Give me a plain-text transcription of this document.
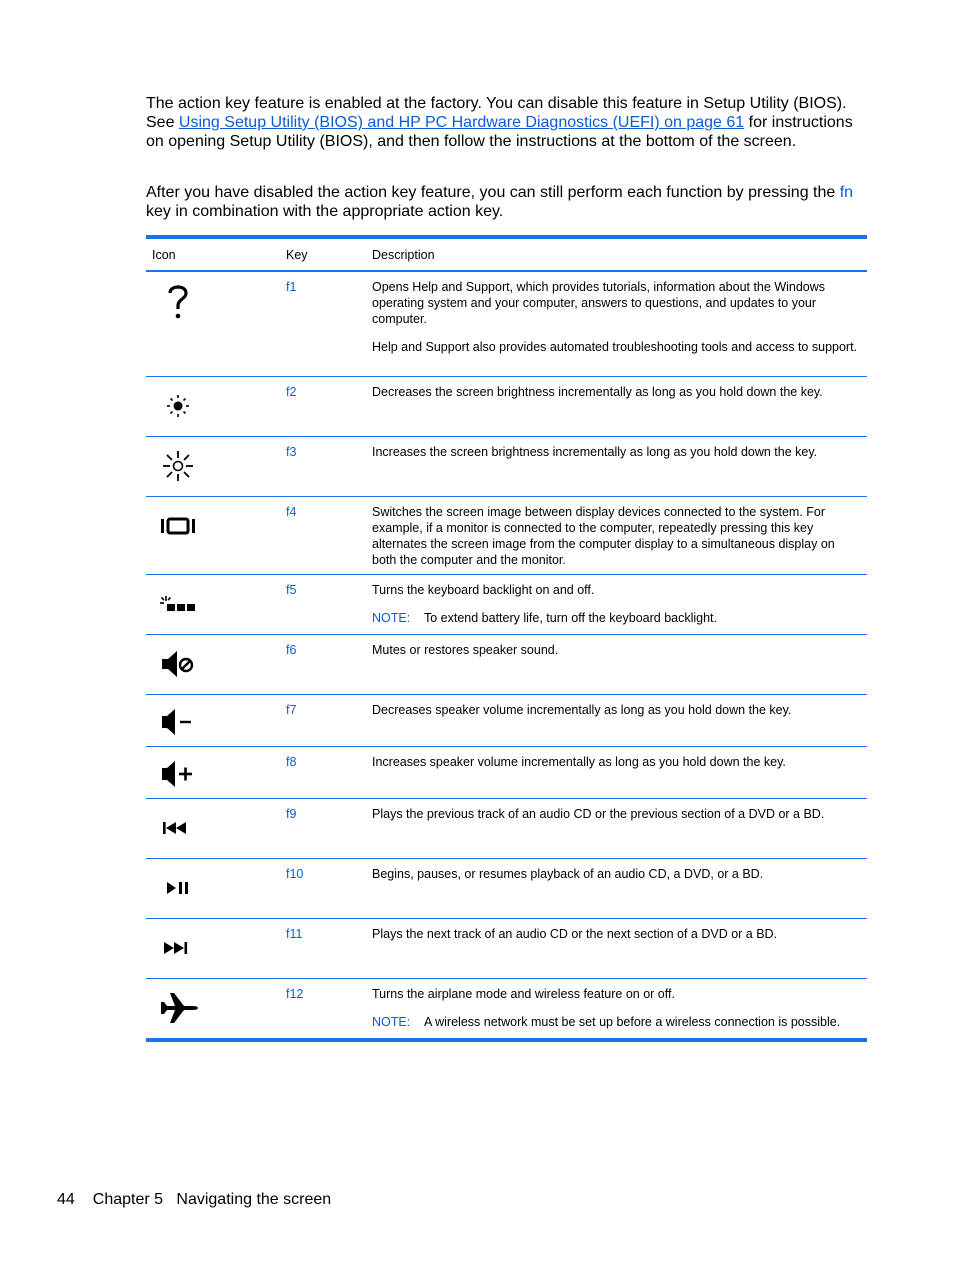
The action key feature is enabled at the factory. You can disable this feature in Setup Utility (BIOS). See Using Setup Utility (BIOS) and HP PC Hardware Diagnostics (UEFI) on page 61 for instructions on opening Setup Utility (BIOS), and then follow the instructions at the bottom of the screen.

After you have disabled the action key feature, you can still perform each function by pressing the fn key in combination with the appropriate action key.

Icon	Key	Description

	f1	Opens Help and Support, which provides tutorials, information about the Windows operating system and your computer, answers to questions, and updates to your computer.

Help and Support also provides automated troubleshooting tools and access to support.

	f2	Decreases the screen brightness incrementally as long as you hold down the key.

	f3	Increases the screen brightness incrementally as long as you hold down the key.

	f4	Switches the screen image between display devices connected to the system. For example, if a monitor is connected to the computer, repeatedly pressing this key alternates the screen image from the computer display to a simultaneous display on both the computer and the monitor.

	f5	Turns the keyboard backlight on and off.

NOTE: To extend battery life, turn off the keyboard backlight.

	f6	Mutes or restores speaker sound.

	f7	Decreases speaker volume incrementally as long as you hold down the key.

	f8	Increases speaker volume incrementally as long as you hold down the key.

	f9	Plays the previous track of an audio CD or the previous section of a DVD or a BD.

	f10	Begins, pauses, or resumes playback of an audio CD, a DVD, or a BD.

	f11	Plays the next track of an audio CD or the next section of a DVD or a BD.

	f12	Turns the airplane mode and wireless feature on or off.

NOTE: A wireless network must be set up before a wireless connection is possible.

44 Chapter 5   Navigating the screen
